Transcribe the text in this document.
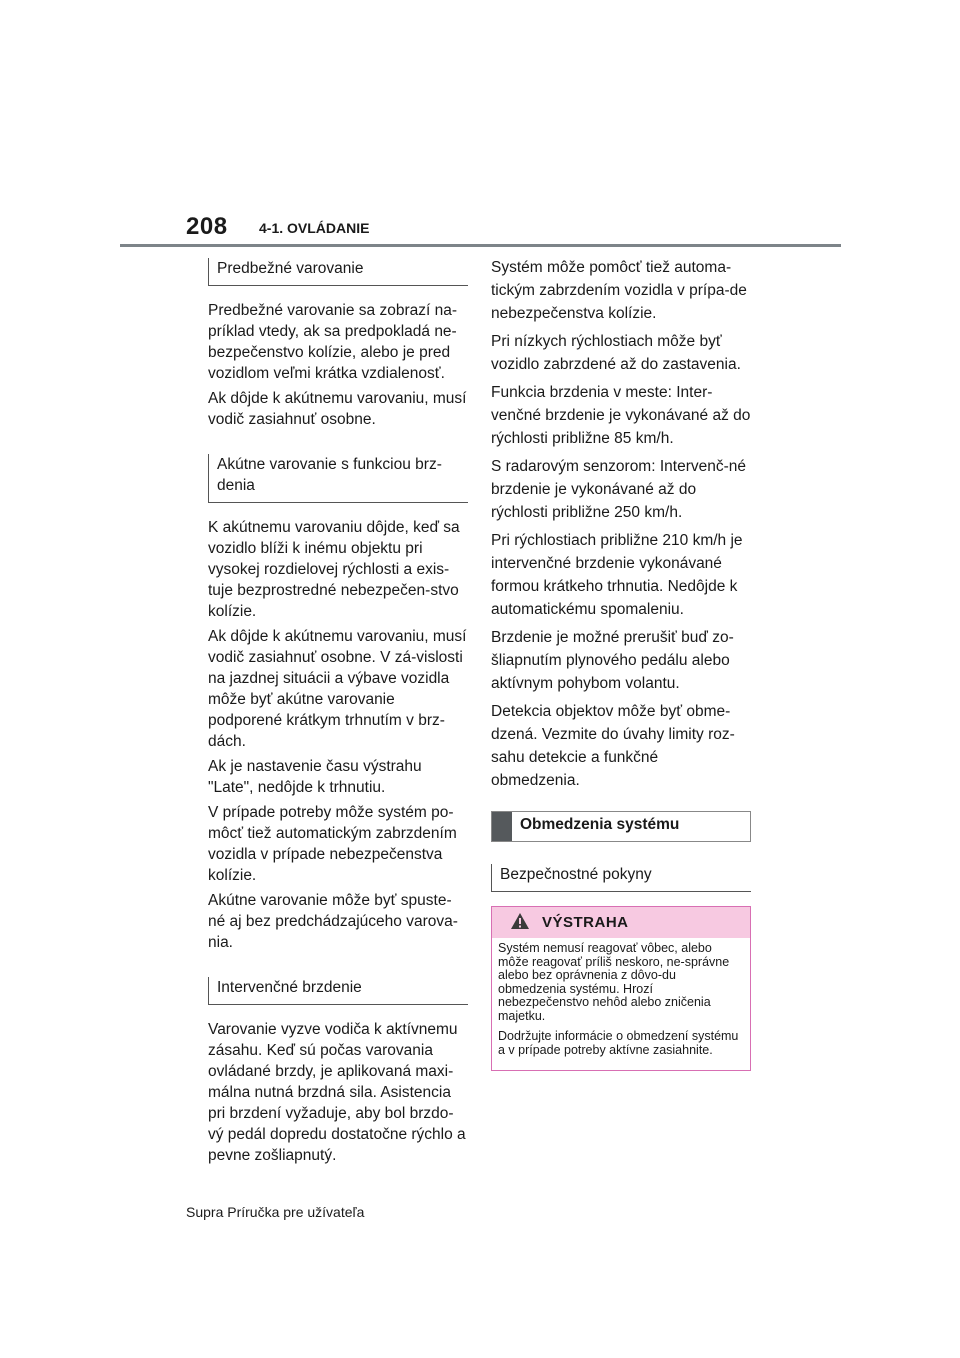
208 4-1. OVLÁDANIE
Predbežné varovanie

Predbežné varovanie sa zobrazí na-príklad vtedy, ak sa predpokladá ne-bezpečenstvo kolízie, alebo je pred vozidlom veľmi krátka vzdialenosť.

Ak dôjde k akútnemu varovaniu, musí vodič zasiahnuť osobne.

Akútne varovanie s funkciou brz-denia

K akútnemu varovaniu dôjde, keď sa vozidlo blíži k inému objektu pri vysokej rozdielovej rýchlosti a exis-tuje bezprostredné nebezpečen-stvo kolízie.

Ak dôjde k akútnemu varovaniu, musí vodič zasiahnuť osobne. V zá-vislosti na jazdnej situácii a výbave vozidla môže byť akútne varovanie podporené krátkym trhnutím v brz-dách.

Ak je nastavenie času výstrahu "Late", nedôjde k trhnutiu.

V prípade potreby môže systém po-môcť tiež automatickým zabrzdením vozidla v prípade nebezpečenstva kolízie.

Akútne varovanie môže byť spuste-né aj bez predchádzajúceho varova-nia.

Intervenčné brzdenie

Varovanie vyzve vodiča k aktívnemu zásahu. Keď sú počas varovania ovládané brzdy, je aplikovaná maxi-málna nutná brzdná sila. Asistencia pri brzdení vyžaduje, aby bol brzdo-vý pedál dopredu dostatočne rýchlo a pevne zošliapnutý.

Systém môže pomôcť tiež automa-tickým zabrzdením vozidla v prípa-de nebezpečenstva kolízie.

Pri nízkych rýchlostiach môže byť vozidlo zabrzdené až do zastavenia.

Funkcia brzdenia v meste: Inter-venčné brzdenie je vykonávané až do rýchlosti približne 85 km/h.

S radarovým senzorom: Intervenč-né brzdenie je vykonávané až do rýchlosti približne 250 km/h.

Pri rýchlostiach približne 210 km/h je intervenčné brzdenie vykonávané formou krátkeho trhnutia. Nedôjde k automatickému spomaleniu.

Brzdenie je možné prerušiť buď zo-šliapnutím plynového pedálu alebo aktívnym pohybom volantu.

Detekcia objektov môže byť obme-dzená. Vezmite do úvahy limity roz-sahu detekcie a funkčné obmedzenia.

Obmedzenia systému
Bezpečnostné pokyny
VÝSTRAHA

Systém nemusí reagovať vôbec, alebo môže reagovať príliš neskoro, ne-správne alebo bez oprávnenia z dôvo-du obmedzenia systému. Hrozí nebezpečenstvo nehôd alebo zničenia majetku.

Dodržujte informácie o obmedzení systému a v prípade potreby aktívne zasiahnite.

Supra Príručka pre užívateľa
